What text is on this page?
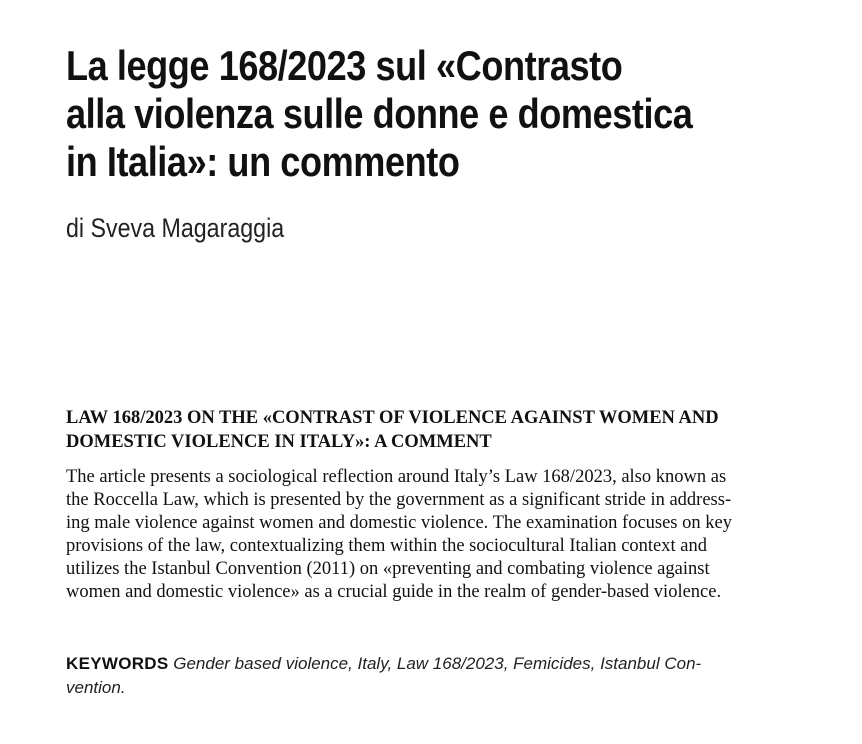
La legge 168/2023 sul «Contrasto
alla violenza sulle donne e domestica
in Italia»: un commento

di Sveva Magaraggia

LAW 168/2023 ON THE «CONTRAST OF VIOLENCE AGAINST WOMEN AND
DOMESTIC VIOLENCE IN ITALY»: A COMMENT

The article presents a sociological reflection around Italy’s Law 168/2023, also known as
the Roccella Law, which is presented by the government as a significant stride in address-
ing male violence against women and domestic violence. The examination focuses on key
provisions of the law, contextualizing them within the sociocultural Italian context and
utilizes the Istanbul Convention (2011) on «preventing and combating violence against
women and domestic violence» as a crucial guide in the realm of gender-based violence.

KEYWORDS Gender based violence, Italy, Law 168/2023, Femicides, Istanbul Con-
vention.
